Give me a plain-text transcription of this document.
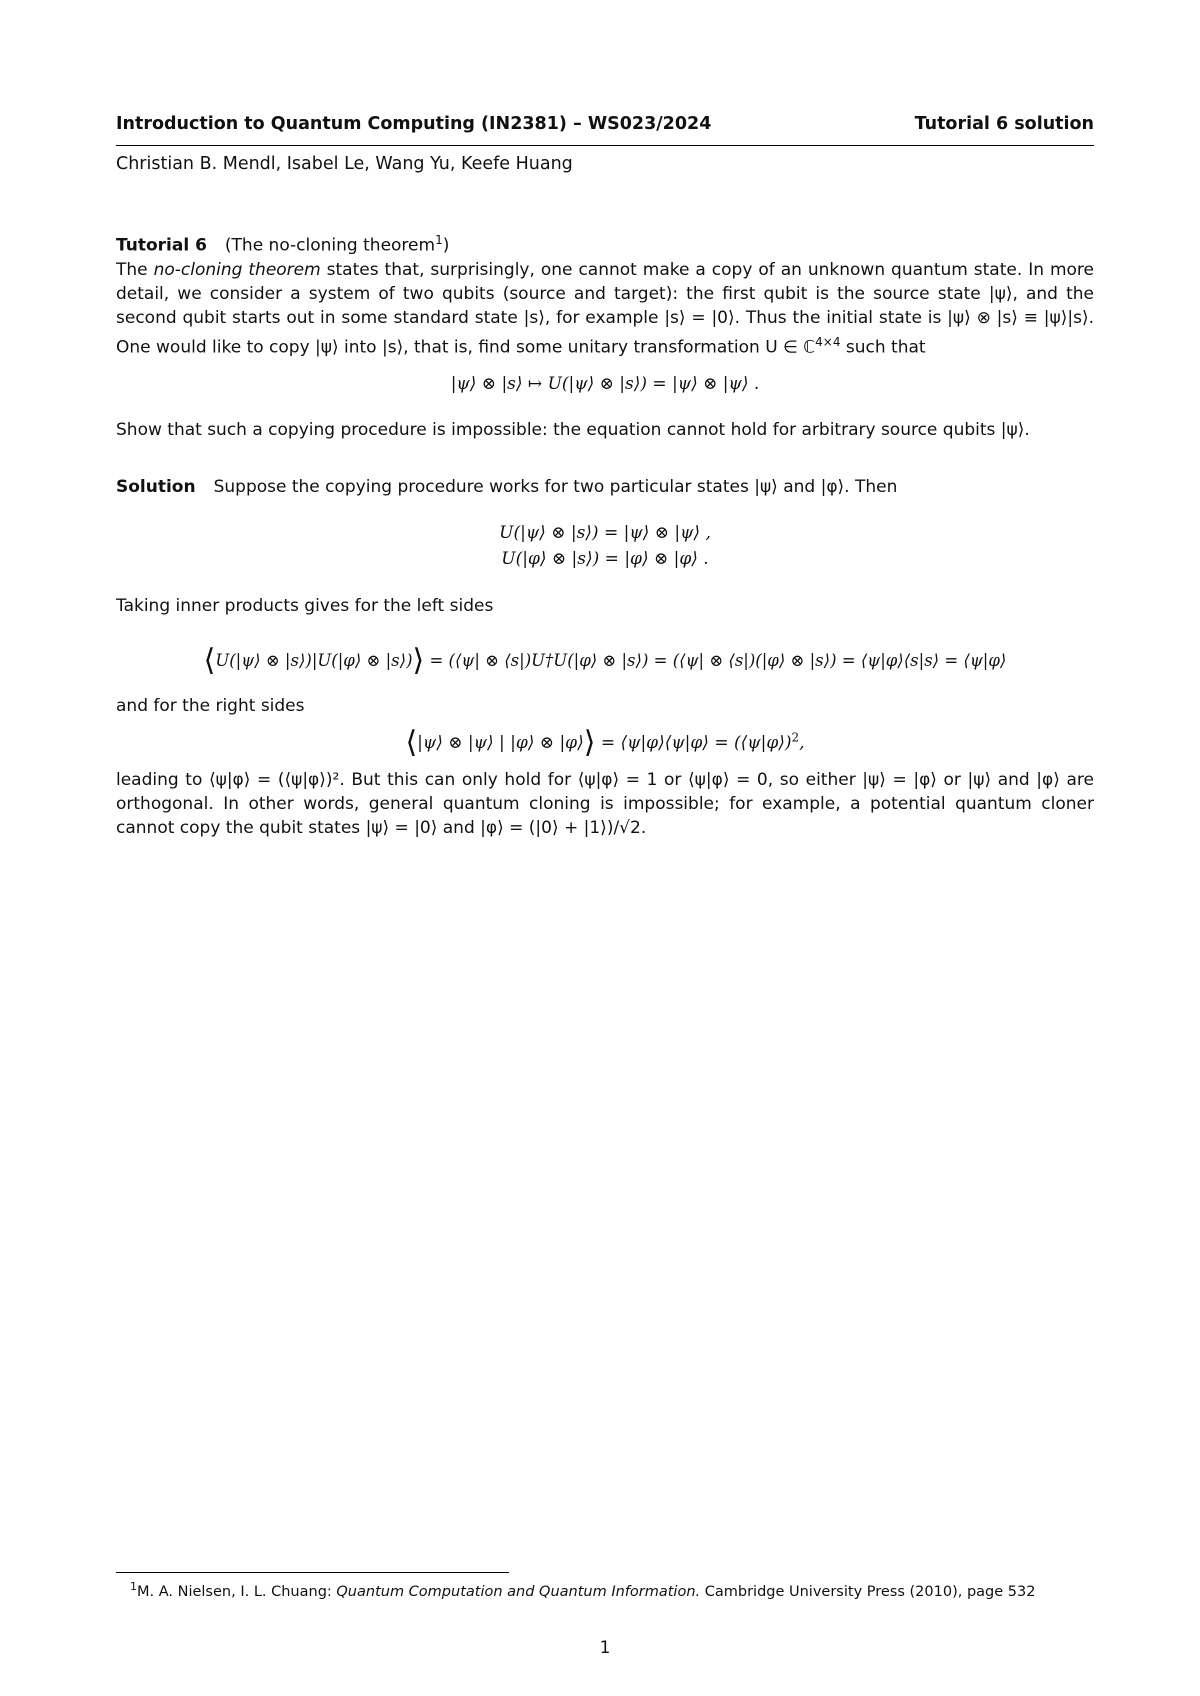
Introduction to Quantum Computing (IN2381) – WS023/2024	Tutorial 6 solution
Christian B. Mendl, Isabel Le, Wang Yu, Keefe Huang
Tutorial 6 (The no-cloning theorem$^1$)
The no-cloning theorem states that, surprisingly, one cannot make a copy of an unknown quantum state. In more detail, we consider a system of two qubits (source and target): the first qubit is the source state |ψ⟩, and the second qubit starts out in some standard state |s⟩, for example |s⟩ = |0⟩. Thus the initial state is |ψ⟩ ⊗ |s⟩ ≡ |ψ⟩|s⟩. One would like to copy |ψ⟩ into |s⟩, that is, find some unitary transformation U ∈ ℂ$^{4\times 4}$ such that
|ψ⟩ ⊗ |s⟩ ↦ U(|ψ⟩ ⊗ |s⟩) = |ψ⟩ ⊗ |ψ⟩ .
Show that such a copying procedure is impossible: the equation cannot hold for arbitrary source qubits |ψ⟩.
Solution Suppose the copying procedure works for two particular states |ψ⟩ and |φ⟩. Then
U(|ψ⟩ ⊗ |s⟩) = |ψ⟩ ⊗ |ψ⟩ ,
U(|φ⟩ ⊗ |s⟩) = |φ⟩ ⊗ |φ⟩ .
Taking inner products gives for the left sides
⟨U(|ψ⟩ ⊗ |s⟩)|U(|φ⟩ ⊗ |s⟩)⟩ = (⟨ψ| ⊗ ⟨s|)U†U(|φ⟩ ⊗ |s⟩) = (⟨ψ| ⊗ ⟨s|)(|φ⟩ ⊗ |s⟩) = ⟨ψ|φ⟩⟨s|s⟩ = ⟨ψ|φ⟩
and for the right sides
⟨|ψ⟩ ⊗ |ψ⟩ | |φ⟩ ⊗ |φ⟩⟩ = ⟨ψ|φ⟩⟨ψ|φ⟩ = (⟨ψ|φ⟩)$^2$,
leading to ⟨ψ|φ⟩ = (⟨ψ|φ⟩)². But this can only hold for ⟨ψ|φ⟩ = 1 or ⟨ψ|φ⟩ = 0, so either |ψ⟩ = |φ⟩ or |ψ⟩ and |φ⟩ are orthogonal. In other words, general quantum cloning is impossible; for example, a potential quantum cloner cannot copy the qubit states |ψ⟩ = |0⟩ and |φ⟩ = (|0⟩ + |1⟩)/√2.
$^1$M. A. Nielsen, I. L. Chuang: Quantum Computation and Quantum Information. Cambridge University Press (2010), page 532
1
